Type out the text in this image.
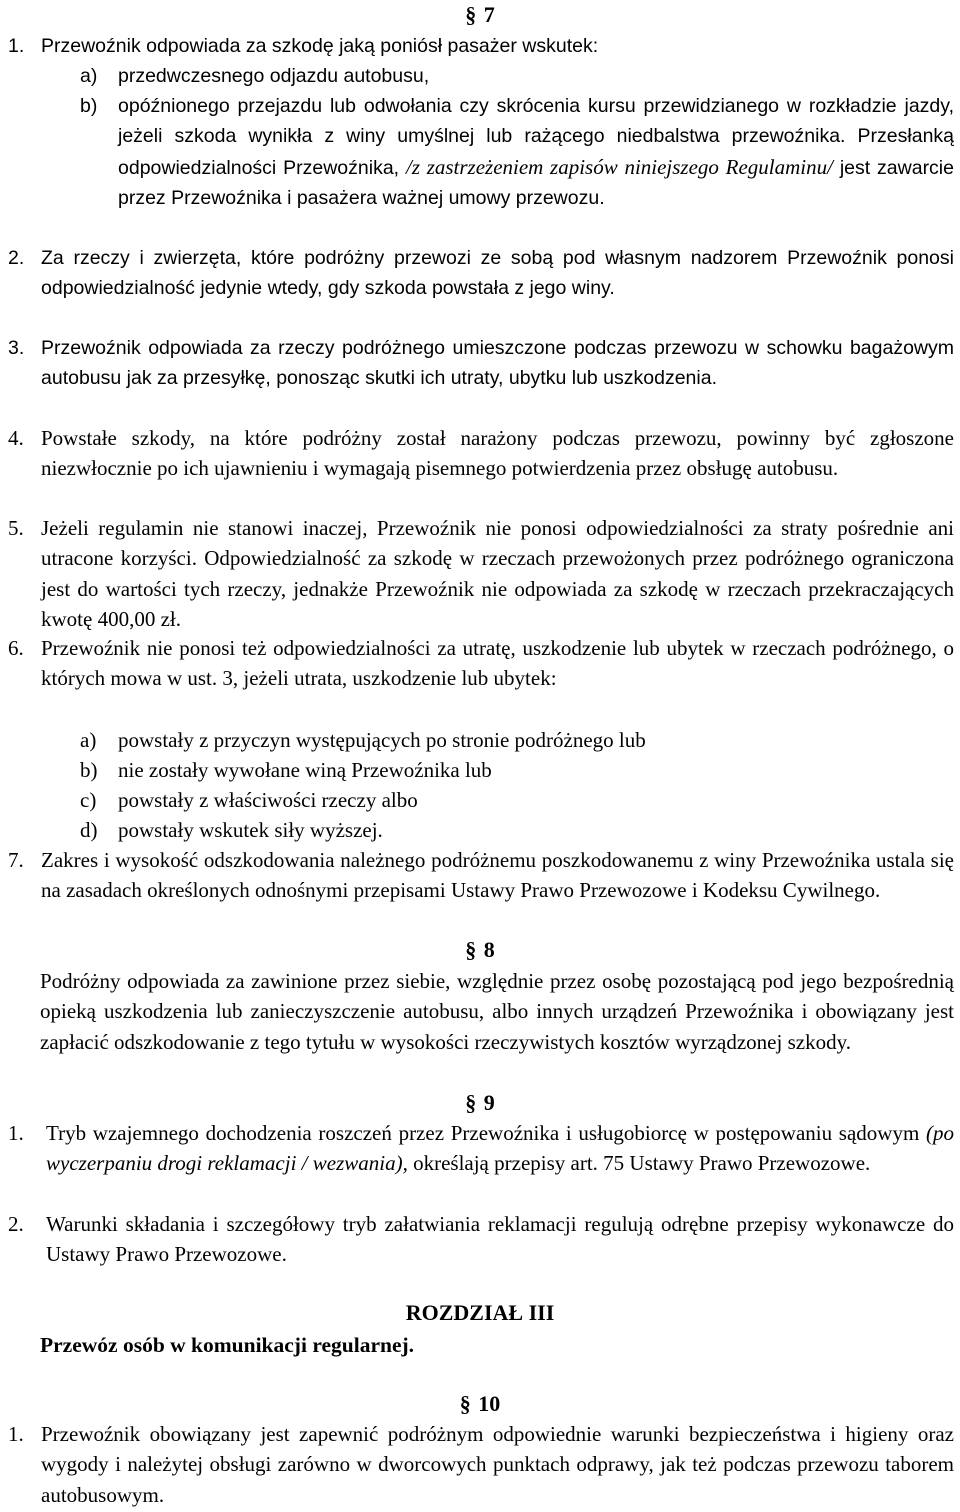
§ 7
1. Przewoźnik odpowiada za szkodę jaką poniósł pasażer wskutek:
a) przedwczesnego odjazdu autobusu,
b) opóźnionego przejazdu lub odwołania czy skrócenia kursu przewidzianego w rozkładzie jazdy, jeżeli szkoda wynikła z winy umyślnej lub rażącego niedbalstwa przewoźnika. Przesłanką odpowiedzialności Przewoźnika, /z zastrzeżeniem zapisów niniejszego Regulaminu/ jest zawarcie przez Przewoźnika i pasażera ważnej umowy przewozu.
2. Za rzeczy i zwierzęta, które podróżny przewozi ze sobą pod własnym nadzorem Przewoźnik ponosi odpowiedzialność jedynie wtedy, gdy szkoda powstała z jego winy.
3. Przewoźnik odpowiada za rzeczy podróżnego umieszczone podczas przewozu w schowku bagażowym autobusu jak za przesyłkę, ponosząc skutki ich utraty, ubytku lub uszkodzenia.
4. Powstałe szkody, na które podróżny został narażony podczas przewozu, powinny być zgłoszone niezwłocznie po ich ujawnieniu i wymagają pisemnego potwierdzenia przez obsługę autobusu.
5. Jeżeli regulamin nie stanowi inaczej, Przewoźnik nie ponosi odpowiedzialności za straty pośrednie ani utracone korzyści. Odpowiedzialność za szkodę w rzeczach przewożonych przez podróżnego ograniczona jest do wartości tych rzeczy, jednakże Przewoźnik nie odpowiada za szkodę w rzeczach przekraczających kwotę 400,00 zł.
6. Przewoźnik nie ponosi też odpowiedzialności za utratę, uszkodzenie lub ubytek w rzeczach podróżnego, o których mowa w ust. 3, jeżeli utrata, uszkodzenie lub ubytek:
a) powstały z przyczyn występujących po stronie podróżnego lub
b) nie zostały wywołane winą Przewoźnika lub
c) powstały z właściwości rzeczy albo
d) powstały wskutek siły wyższej.
7. Zakres i wysokość odszkodowania należnego podróżnemu poszkodowanemu z winy Przewoźnika ustala się na zasadach określonych odnośnymi przepisami Ustawy Prawo Przewozowe i Kodeksu Cywilnego.
§ 8
Podróżny odpowiada za zawinione przez siebie, względnie przez osobę pozostającą pod jego bezpośrednią opieką uszkodzenia lub zanieczyszczenie autobusu, albo innych urządzeń Przewoźnika i obowiązany jest zapłacić odszkodowanie z tego tytułu w wysokości rzeczywistych kosztów wyrządzonej szkody.
§ 9
1. Tryb wzajemnego dochodzenia roszczeń przez Przewoźnika i usługobiorcę w postępowaniu sądowym (po wyczerpaniu drogi reklamacji / wezwania), określają przepisy art. 75 Ustawy Prawo Przewozowe.
2. Warunki składania i szczegółowy tryb załatwiania reklamacji regulują odrębne przepisy wykonawcze do Ustawy Prawo Przewozowe.
ROZDZIAŁ III
Przewóz osób w komunikacji regularnej.
§ 10
1. Przewoźnik obowiązany jest zapewnić podróżnym odpowiednie warunki bezpieczeństwa i higieny oraz wygody i należytej obsługi zarówno w dworcowych punktach odprawy, jak też podczas przewozu taborem autobusowym.
